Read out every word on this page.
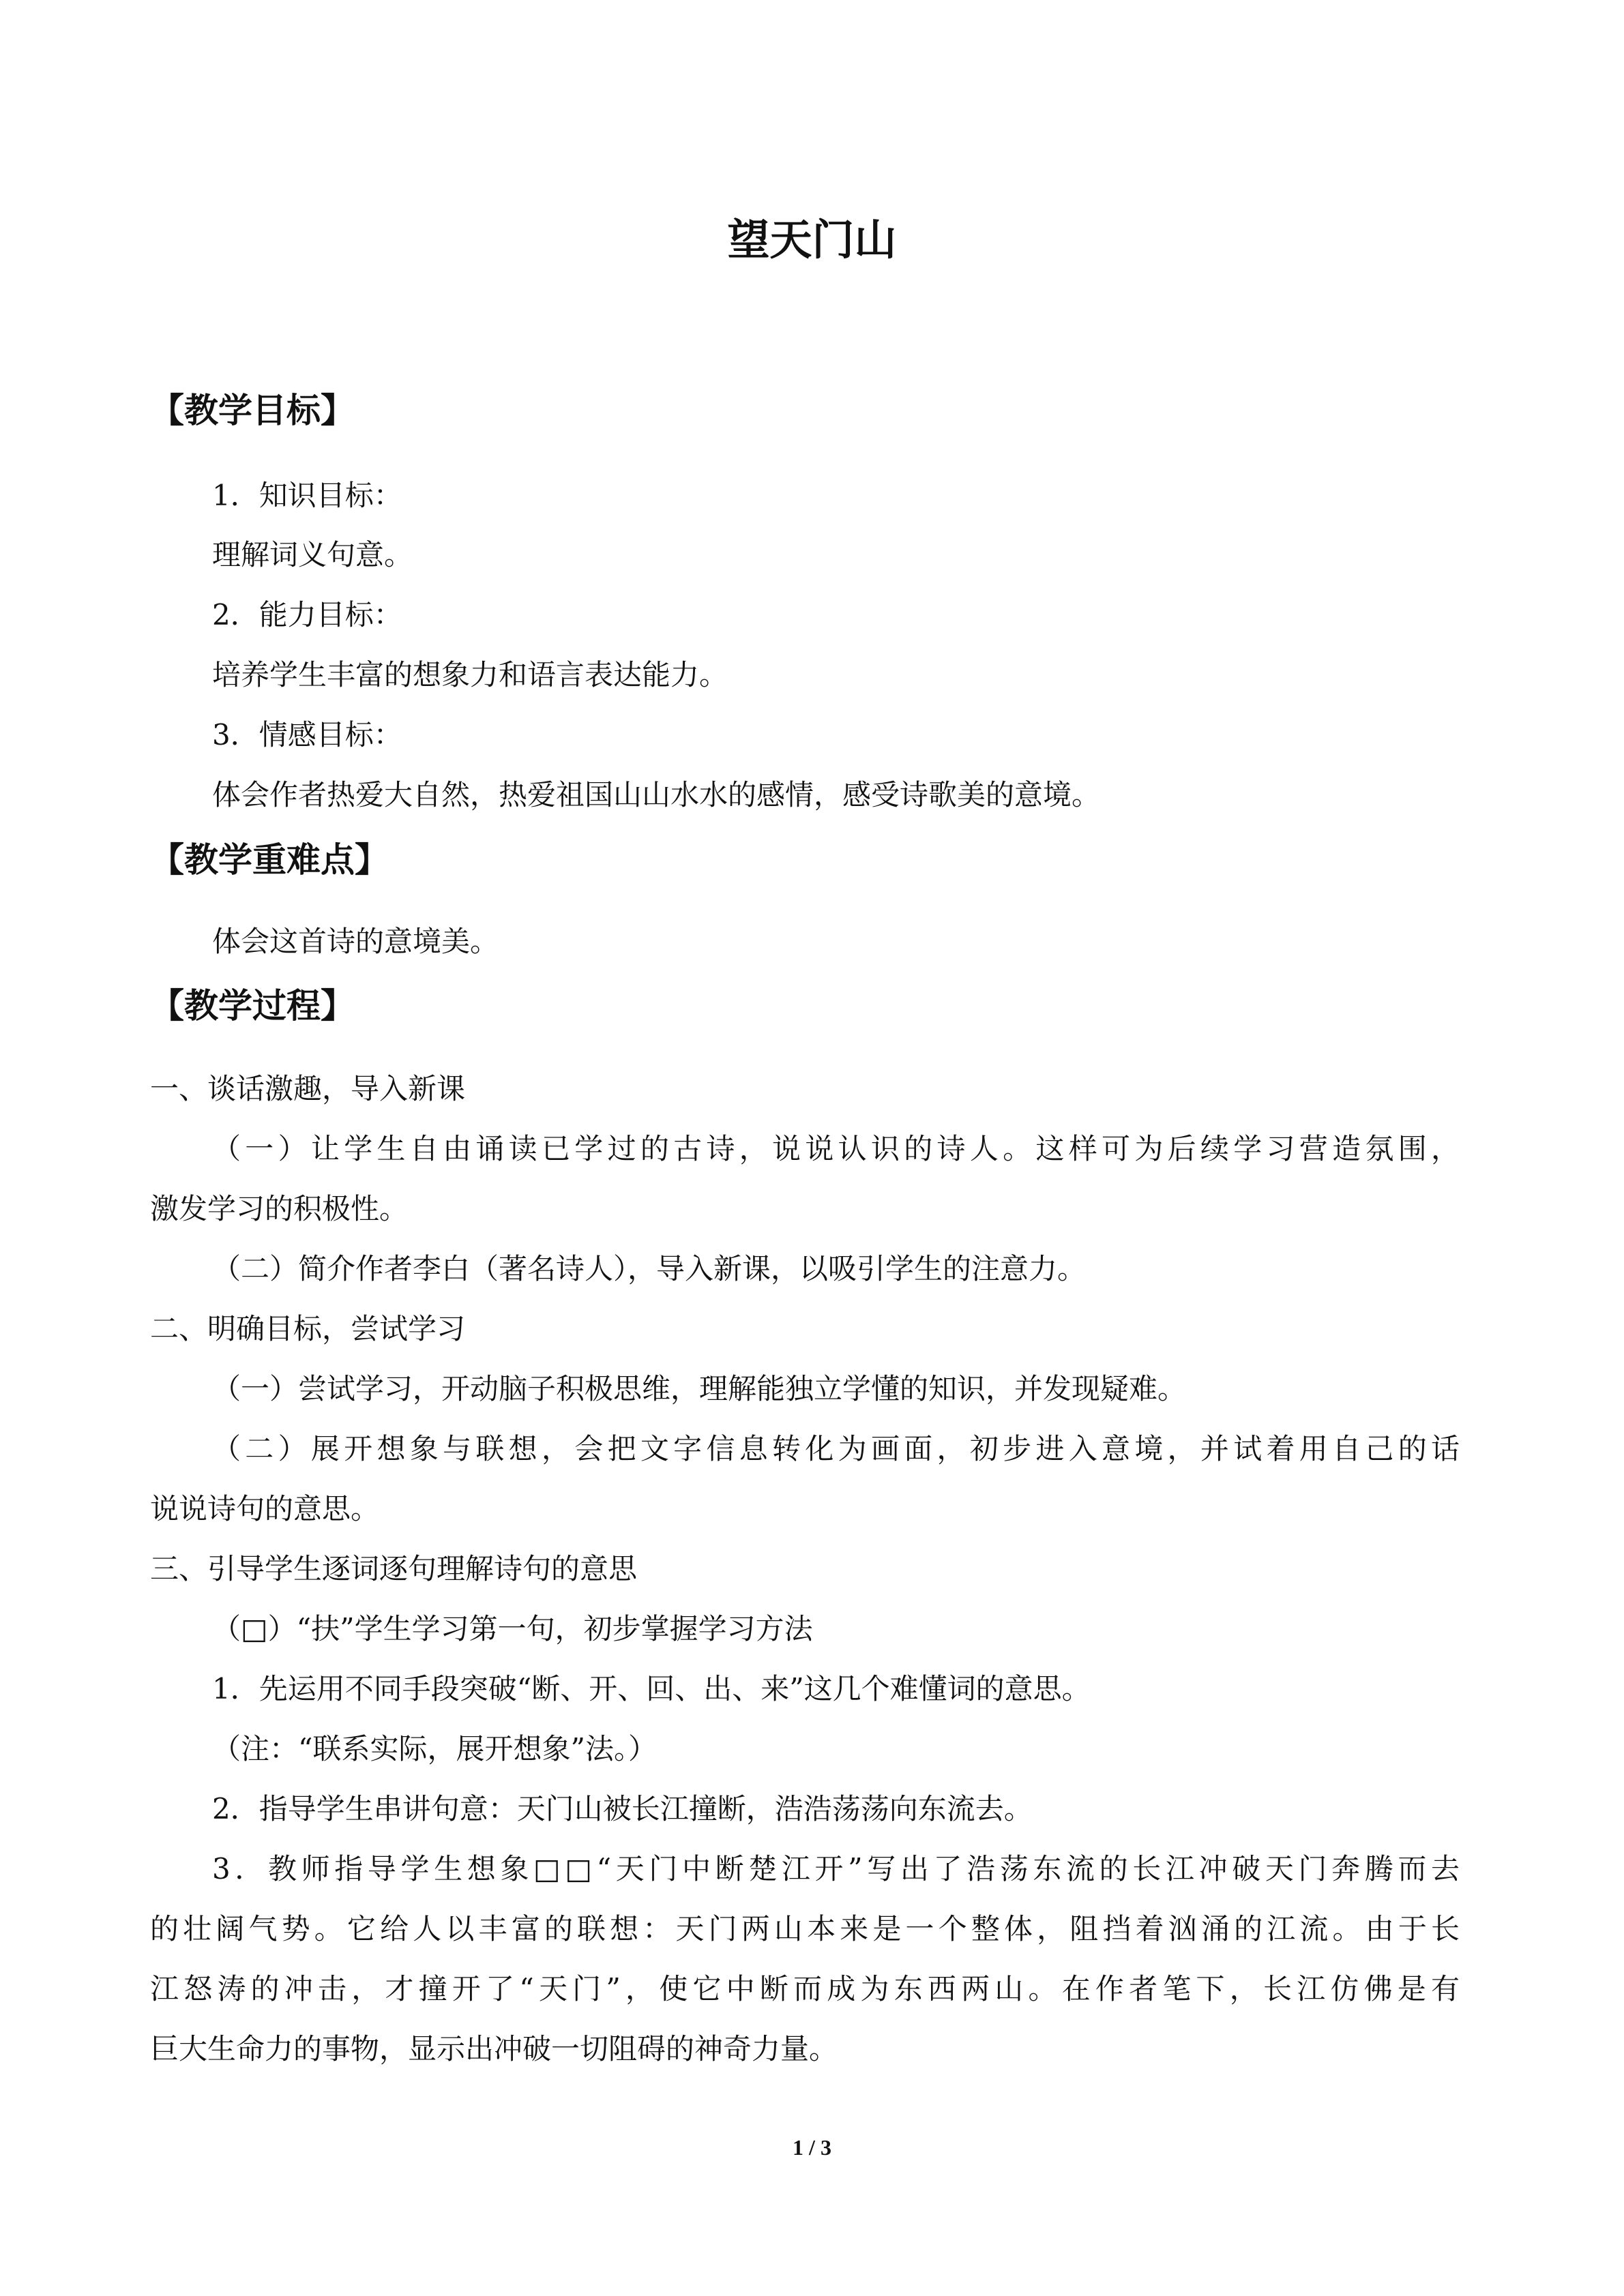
望天门山
【教学目标】
1．知识目标：
理解词义句意。
2．能力目标：
培养学生丰富的想象力和语言表达能力。
3．情感目标：
体会作者热爱大自然，热爱祖国山山水水的感情，感受诗歌美的意境。
【教学重难点】
体会这首诗的意境美。
【教学过程】
一、谈话激趣，导入新课
（一）让学生自由诵读已学过的古诗，说说认识的诗人。这样可为后续学习营造氛围，
激发学习的积极性。
（二）简介作者李白（著名诗人），导入新课，以吸引学生的注意力。
二、明确目标，尝试学习
（一）尝试学习，开动脑子积极思维，理解能独立学懂的知识，并发现疑难。
（二）展开想象与联想，会把文字信息转化为画面，初步进入意境，并试着用自己的话
说说诗句的意思。
三、引导学生逐词逐句理解诗句的意思
（□）“扶”学生学习第一句，初步掌握学习方法
1．先运用不同手段突破“断、开、回、出、来”这几个难懂词的意思。
（注：“联系实际，展开想象”法。）
2．指导学生串讲句意：天门山被长江撞断，浩浩荡荡向东流去。
3．教师指导学生想象□□“天门中断楚江开”写出了浩荡东流的长江冲破天门奔腾而去
的壮阔气势。它给人以丰富的联想：天门两山本来是一个整体，阻挡着汹涌的江流。由于长
江怒涛的冲击，才撞开了“天门”，使它中断而成为东西两山。在作者笔下，长江仿佛是有
巨大生命力的事物，显示出冲破一切阻碍的神奇力量。
1 / 3
